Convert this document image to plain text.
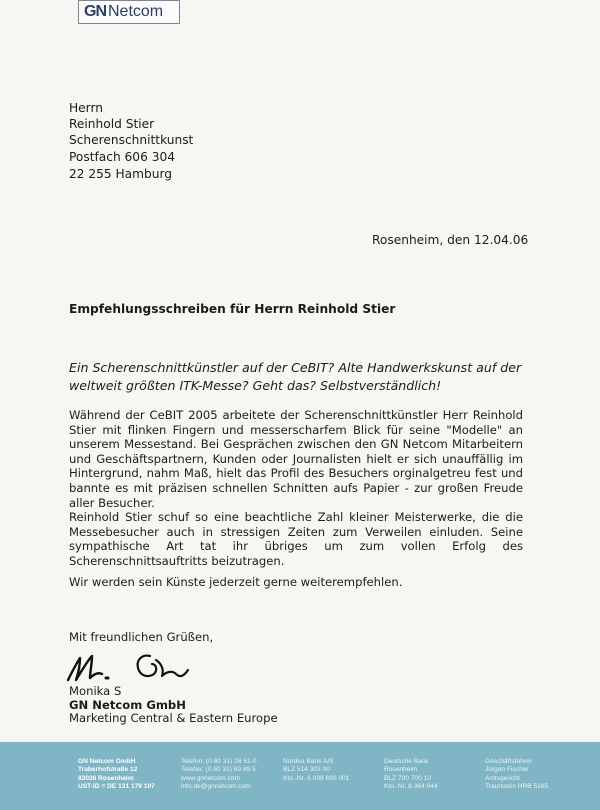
GN Netcom
Herrn
Reinhold Stier
Scherenschnittkunst
Postfach 606 304
22 255 Hamburg
Rosenheim, den 12.04.06
Empfehlungsschreiben für Herrn Reinhold Stier
Ein Scherenschnittkünstler auf der CeBIT? Alte Handwerkskunst auf der weltweit größten ITK-Messe? Geht das? Selbstverständlich!

Während der CeBIT 2005 arbeitete der Scherenschnittkünstler Herr Reinhold Stier mit flinken Fingern und messerscharfem Blick für seine "Modelle" an unserem Messestand. Bei Gesprächen zwischen den GN Netcom Mitarbeitern und Geschäftspartnern, Kunden oder Journalisten hielt er sich unauffällig im Hintergrund, nahm Maß, hielt das Profil des Besuchers orginalgetreu fest und bannte es mit präzisen schnellen Schnitten aufs Papier - zur großen Freude aller Besucher.

Reinhold Stier schuf so eine beachtliche Zahl kleiner Meisterwerke, die die Messebesucher auch in stressigen Zeiten zum Verweilen einluden. Seine sympathische Art tat ihr übriges um zum vollen Erfolg des Scherenschnittsauftritts beizutragen.

Wir werden sein Künste jederzeit gerne weiterempfehlen.
Mit freundlichen Grüßen,
Monika S
GN Netcom GmbH
Marketing Central & Eastern Europe
GN Netcom GmbH
Traberhofstraße 12
83026 Rosenheim
UST-ID = DE 131 179 107
Telefon: (0 80 31) 26 51-0
Telefax: (0 80 31) 69 89 5
www.gnnetcom.com
info.de@gnnetcom.com
Nordea Bank A/S
BLZ 514 303 00
Kto.-Nr. 6 039 690 001
Deutsche Bank
Rosenheim
BLZ 700 700 10
Kto.-Nr. 8 364 044
Geschäftsführer
Jürgen Fischer
Amtsgericht
Traunstein HRB 5165
